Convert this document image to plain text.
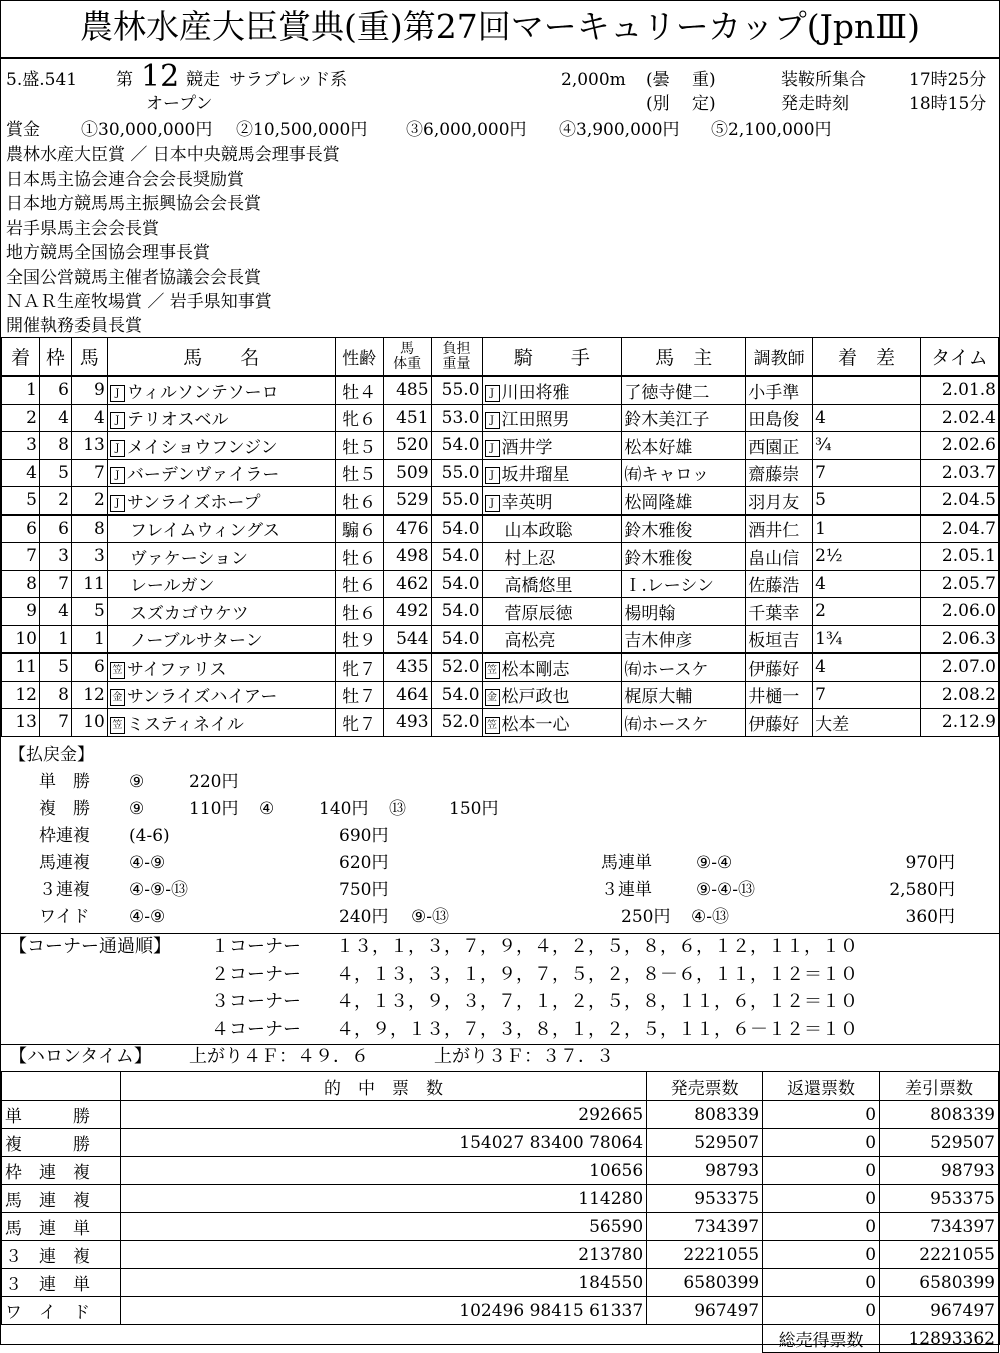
農林水産大臣賞典(重)第27回マーキュリーカップ(JpnⅢ)
5.盛.541 第 12 競走 サラブレッド系
オープン
2,000m (曇　 重)
(別　 定)
装鞍所集合	17時25分
発走時刻	18時15分
賞金 ①30,000,000円 ②10,500,000円 ③6,000,000円 ④3,900,000円 ⑤2,100,000円
農林水産大臣賞 ／ 日本中央競馬会理事長賞
日本馬主協会連合会会長奨励賞
日本地方競馬馬主振興協会会長賞
岩手県馬主会会長賞
地方競馬全国協会理事長賞
全国公営競馬主催者協議会会長賞
ＮＡＲ生産牧場賞 ／ 岩手県知事賞
開催執務委員長賞
着	枠	馬	馬　　名	性齢	馬
体重	負担
重量	騎　　手	馬　主	調教師	着　差	タイム
1	6	9	J ウィルソンテソーロ	牡４	485	55.0	J 川田将雅	了徳寺健二	小手準		2.01.8
2	4	4	J テリオスベル	牝６	451	53.0	J 江田照男	鈴木美江子	田島俊	4	2.02.4
3	8	13	J メイショウフンジン	牡５	520	54.0	J 酒井学	松本好雄	西園正	¾	2.02.6
4	5	7	J バーデンヴァイラー	牡５	509	55.0	J 坂井瑠星	㈲キャロッ	齋藤崇	7	2.03.7
5	2	2	J サンライズホープ	牡６	529	55.0	J 幸英明	松岡隆雄	羽月友	5	2.04.5
6	6	8	フレイムウィングス	騸６	476	54.0	山本政聡	鈴木雅俊	酒井仁	1	2.04.7
7	3	3	ヴァケーション	牡６	498	54.0	村上忍	鈴木雅俊	畠山信	2½	2.05.1
8	7	11	レールガン	牡６	462	54.0	高橋悠里	Ｉ.レーシン	佐藤浩	4	2.05.7
9	4	5	スズカゴウケツ	牡６	492	54.0	菅原辰徳	楊明翰	千葉幸	2	2.06.0
10	1	1	ノーブルサターン	牡９	544	54.0	高松亮	吉木伸彦	板垣吉	1¾	2.06.3
11	5	6	笠 サイファリス	牝７	435	52.0	笠 松本剛志	㈲ホースケ	伊藤好	4	2.07.0
12	8	12	金 サンライズハイアー	牡７	464	54.0	金 松戸政也	梶原大輔	井樋一	7	2.08.2
13	7	10	笠 ミスティネイル	牝７	493	52.0	笠 松本一心	㈲ホースケ	伊藤好	大差	2.12.9
【払戻金】
単　勝 ⑨	220円
複　勝 ⑨	110円 ④	140円 ⑬	150円
枠連複 (4-6)	690円
馬連複 ④-⑨	620円	馬連単	⑨-④	970円
３連複 ④-⑨-⑬	750円	３連単	⑨-④-⑬	2,580円
ワイド ④-⑨	240円 ⑨-⑬	250円 ④-⑬	360円
【コーナー通過順】 １コーナー １３，１，３，７，９，４，２，５，８，６，１２，１１，１０
２コーナー ４，１３，３，１，９，７，５，２，８－６，１１，１２＝１０
３コーナー ４，１３，９，３，７，１，２，５，８，１１，６，１２＝１０
４コーナー ４，９，１３，７，３，８，１，２，５，１１，６－１２＝１０
【ハロンタイム】 上がり４Ｆ：４９．６	上がり３Ｆ：３７．３
	的　中　票　数	発売票数	返還票数	差引票数
単　　　勝	292665	808339	0	808339
複　　　勝	154027 83400 78064	529507	0	529507
枠　連　複	10656	98793	0	98793
馬　連　複	114280	953375	0	953375
馬　連　単	56590	734397	0	734397
３　連　複	213780	2221055	0	2221055
３　連　単	184550	6580399	0	6580399
ワ　イ　ド	102496 98415 61337	967497	0	967497
			総売得票数	12893362
